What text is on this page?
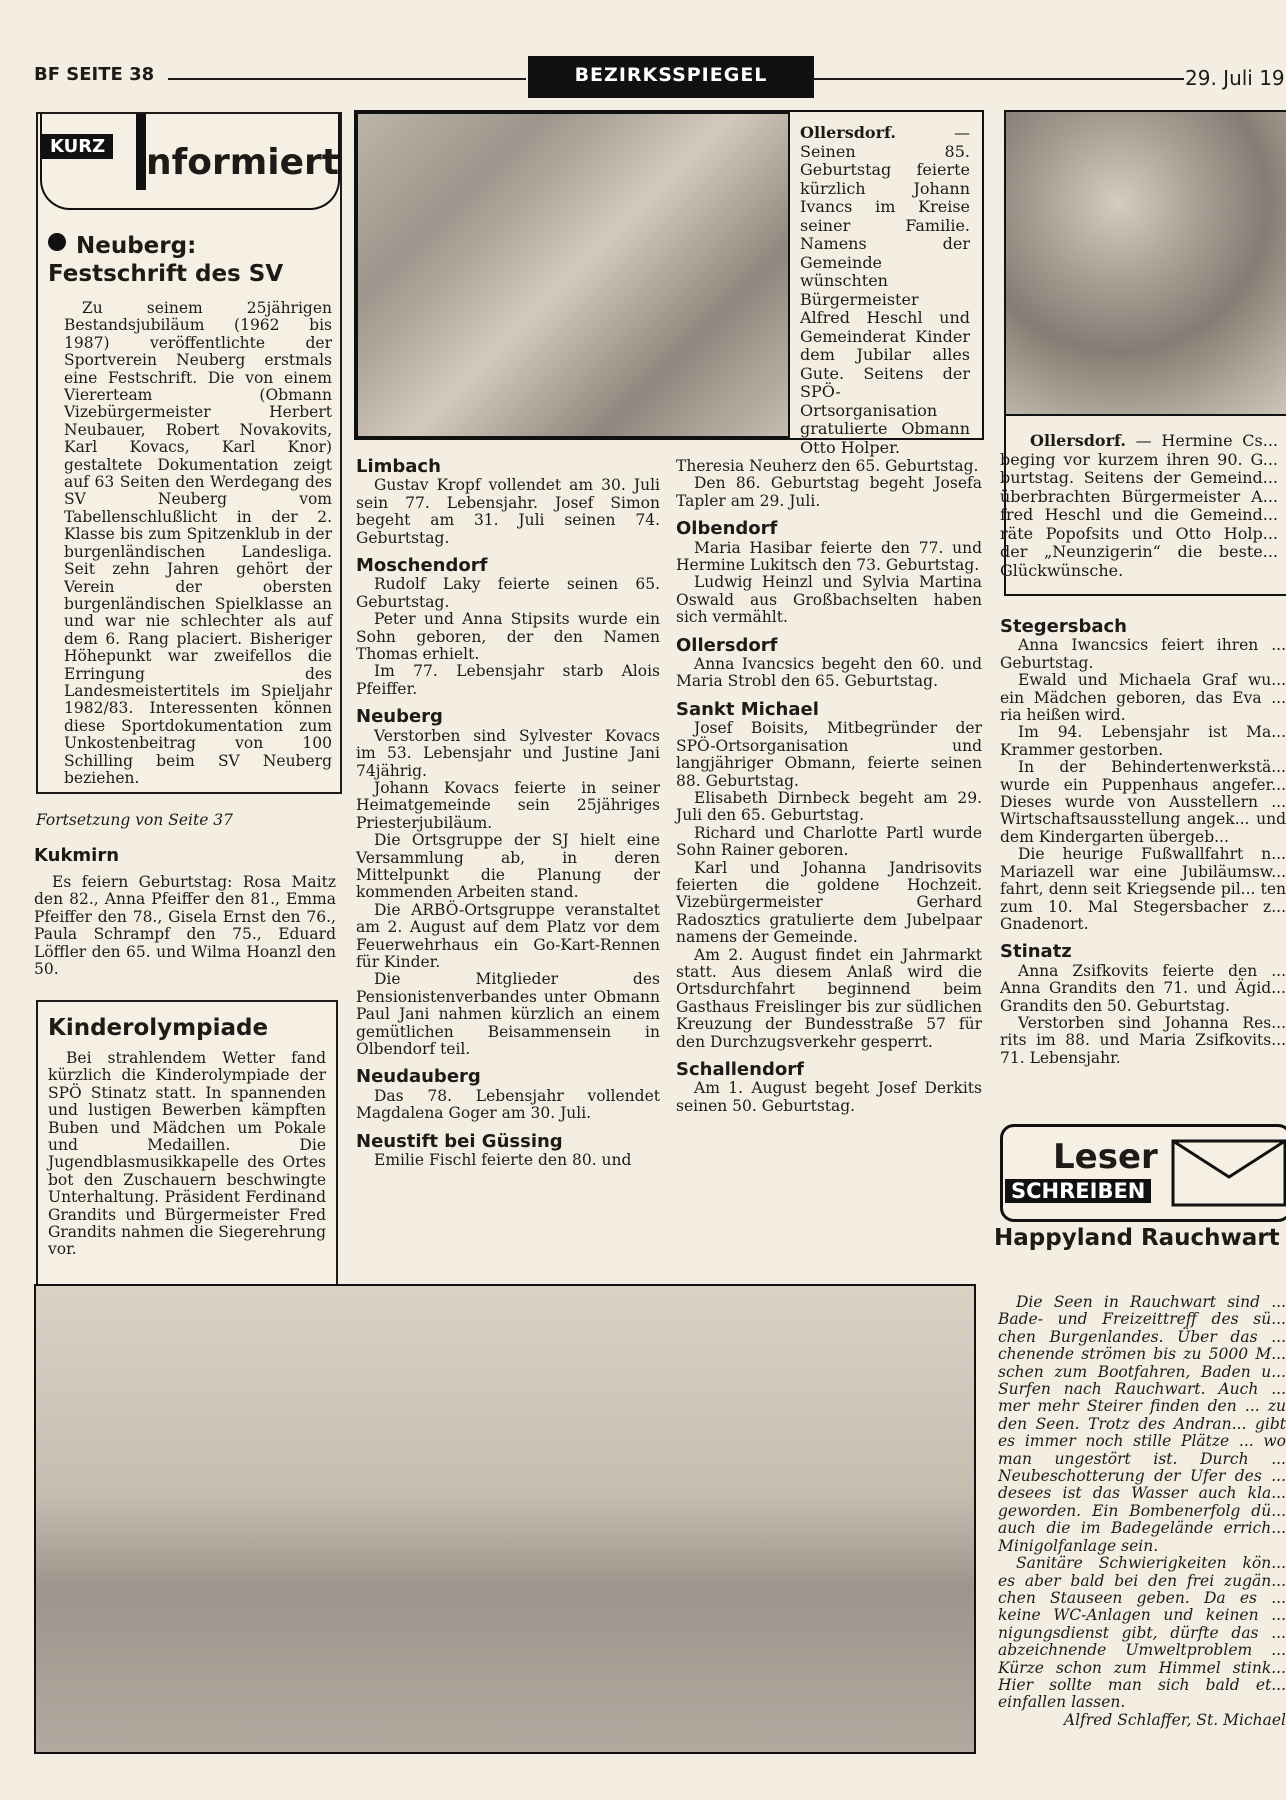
BF SEITE 38	BEZIRKSSPIEGEL	29. Juli 19
KURZ nformiert
Neuberg: Festschrift des SV

Zu seinem 25jährigen Bestandsjubiläum (1962 bis 1987) veröffentlichte der Sportverein Neuberg erstmals eine Festschrift. Die von einem Viererteam (Obmann Vizebürgermeister Herbert Neubauer, Robert Novakovits, Karl Kovacs, Karl Knor) gestaltete Dokumentation zeigt auf 63 Seiten den Werdegang des SV Neuberg vom Tabellenschlußlicht in der 2. Klasse bis zum Spitzenklub in der burgenländischen Landesliga. Seit zehn Jahren gehört der Verein der obersten burgenländischen Spielklasse an und war nie schlechter als auf dem 6. Rang placiert. Bisheriger Höhepunkt war zweifellos die Erringung des Landesmeistertitels im Spieljahr 1982/83. Interessenten können diese Sportdokumentation zum Unkostenbeitrag von 100 Schilling beim SV Neuberg beziehen.

Fortsetzung von Seite 37
Kukmirn

Es feiern Geburtstag: Rosa Maitz den 82., Anna Pfeiffer den 81., Emma Pfeiffer den 78., Gisela Ernst den 76., Paula Schrampf den 75., Eduard Löffler den 65. und Wilma Hoanzl den 50.

Kinderolympiade

Bei strahlendem Wetter fand kürzlich die Kinderolympiade der SPÖ Stinatz statt. In spannenden und lustigen Bewerben kämpften Buben und Mädchen um Pokale und Medaillen. Die Jugendblasmusikkapelle des Ortes bot den Zuschauern beschwingte Unterhaltung. Präsident Ferdinand Grandits und Bürgermeister Fred Grandits nahmen die Siegerehrung vor.

Ollersdorf.	— Seinen 85. Geburtstag feierte kürzlich Johann Ivancs im Kreise seiner Familie. Namens der Gemeinde wünschten Bürgermeister Alfred Heschl und Gemeinderat Kinder dem Jubilar alles Gute. Seitens der SPÖ-Ortsorganisation gratulierte Obmann Otto Holper.	Ollersdorf. — Hermine Cs... beging vor kurzem ihren 90. G... burtstag. Seitens der Gemeind... überbrachten Bürgermeister A... fred Heschl und die Gemeind... räte Popofsits und Otto Holp... der „Neunzigerin“ die beste... Glückwünsche.

Limbach

Gustav Kropf vollendet am 30. Juli sein 77. Lebensjahr. Josef Simon begeht am 31. Juli seinen 74. Geburtstag.

Moschendorf

Rudolf Laky feierte seinen 65. Geburtstag.

Peter und Anna Stipsits wurde ein Sohn geboren, der den Namen Thomas erhielt.

Im 77. Lebensjahr starb Alois Pfeiffer.

Neuberg

Verstorben sind Sylvester Kovacs im 53. Lebensjahr und Justine Jani 74jährig.

Johann Kovacs feierte in seiner Heimatgemeinde sein 25jähriges Priesterjubiläum.

Die Ortsgruppe der SJ hielt eine Versammlung ab, in deren Mittelpunkt die Planung der kommenden Arbeiten stand.

Die ARBÖ-Ortsgruppe veranstaltet am 2. August auf dem Platz vor dem Feuerwehrhaus ein Go-Kart-Rennen für Kinder.

Die Mitglieder des Pensionistenverbandes unter Obmann Paul Jani nahmen kürzlich an einem gemütlichen Beisammensein in Olbendorf teil.

Neudauberg

Das 78. Lebensjahr vollendet Magdalena Goger am 30. Juli.

Neustift bei Güssing

Emilie Fischl feierte den 80. und

Theresia Neuherz den 65. Geburtstag.

Den 86. Geburtstag begeht Josefa Tapler am 29. Juli.

Olbendorf

Maria Hasibar feierte den 77. und Hermine Lukitsch den 73. Geburtstag.

Ludwig Heinzl und Sylvia Martina Oswald aus Großbachselten haben sich vermählt.

Ollersdorf

Anna Ivancsics begeht den 60. und Maria Strobl den 65. Geburtstag.

Sankt Michael

Josef Boisits, Mitbegründer der SPÖ-Ortsorganisation und langjähriger Obmann, feierte seinen 88. Geburtstag.

Elisabeth Dirnbeck begeht am 29. Juli den 65. Geburtstag.

Richard und Charlotte Partl wurde Sohn Rainer geboren.

Karl und Johanna Jandrisovits feierten die goldene Hochzeit. Vizebürgermeister Gerhard Radosztics gratulierte dem Jubelpaar namens der Gemeinde.

Am 2. August findet ein Jahrmarkt statt. Aus diesem Anlaß wird die Ortsdurchfahrt beginnend beim Gasthaus Freislinger bis zur südlichen Kreuzung der Bundesstraße 57 für den Durchzugsverkehr gesperrt.

Schallendorf

Am 1. August begeht Josef Derkits seinen 50. Geburtstag.

Stegersbach

Anna Iwancsics feiert ihren ... Geburtstag.

Ewald und Michaela Graf wu... ein Mädchen geboren, das Eva ... ria heißen wird.

Im 94. Lebensjahr ist Ma... Krammer gestorben.

In der Behindertenwerkstä... wurde ein Puppenhaus angefer... Dieses wurde von Ausstellern ... Wirtschaftsausstellung angek... und dem Kindergarten übergeb...

Die heurige Fußwallfahrt n... Mariazell war eine Jubiläumsw... fahrt, denn seit Kriegsende pil... ten zum 10. Mal Stegersbacher z... Gnadenort.

Stinatz

Anna Zsifkovits feierte den ... Anna Grandits den 71. und Ägid... Grandits den 50. Geburtstag.

Verstorben sind Johanna Res... rits im 88. und Maria Zsifkovits... 71. Lebensjahr.

Leser
SCHREIBEN
Happyland Rauchwart

Die Seen in Rauchwart sind ... Bade- und Freizeittreff des sü... chen Burgenlandes. Über das ... chenende strömen bis zu 5000 M... schen zum Bootfahren, Baden u... Surfen nach Rauchwart. Auch ... mer mehr Steirer finden den ... zu den Seen. Trotz des Andran... gibt es immer noch stille Plätze ... wo man ungestört ist. Durch ... Neubeschotterung der Ufer des ... desees ist das Wasser auch kla... geworden. Ein Bombenerfolg dü... auch die im Badegelände errich... Minigolfanlage sein.

Sanitäre Schwierigkeiten kön... es aber bald bei den frei zugän... chen Stauseen geben. Da es ... keine WC-Anlagen und keinen ... nigungsdienst gibt, dürfte das ... abzeichnende Umweltproblem ... Kürze schon zum Himmel stink... Hier sollte man sich bald et... einfallen lassen.

Alfred Schlaffer, St. Michael
